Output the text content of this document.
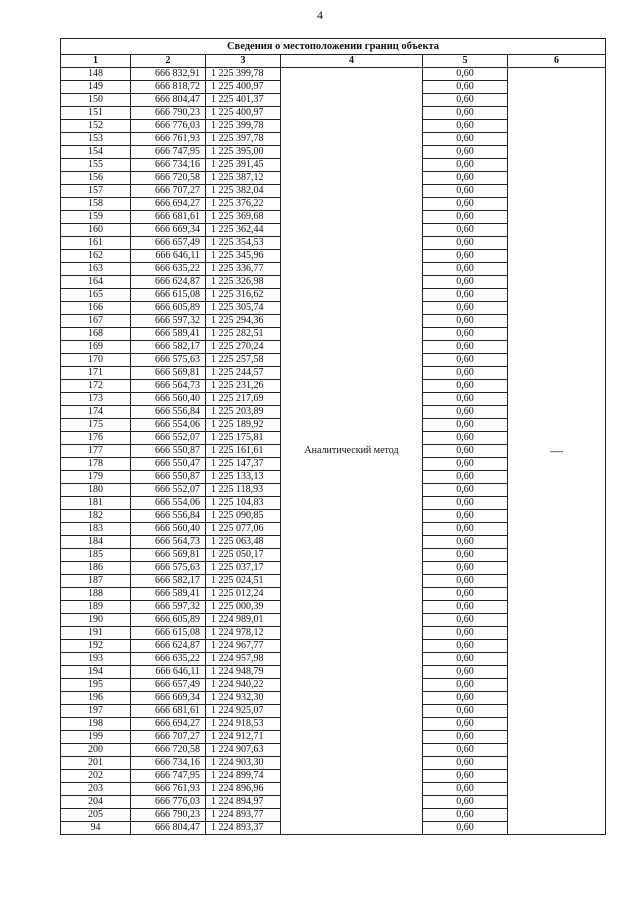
4
Сведения о местоположении границ объекта					
1	2	3	4	5	6
148	666 832,91	1 225 399,78	Аналитический метод	0,60	—
149	666 818,72	1 225 400,97		0,60	
150	666 804,47	1 225 401,37		0,60	
151	666 790,23	1 225 400,97		0,60	
152	666 776,03	1 225 399,78		0,60	
153	666 761,93	1 225 397,78		0,60	
154	666 747,95	1 225 395,00		0,60	
155	666 734,16	1 225 391,45		0,60	
156	666 720,58	1 225 387,12		0,60	
157	666 707,27	1 225 382,04		0,60	
158	666 694,27	1 225 376,22		0,60	
159	666 681,61	1 225 369,68		0,60	
160	666 669,34	1 225 362,44		0,60	
161	666 657,49	1 225 354,53		0,60	
162	666 646,11	1 225 345,96		0,60	
163	666 635,22	1 225 336,77		0,60	
164	666 624,87	1 225 326,98		0,60	
165	666 615,08	1 225 316,62		0,60	
166	666 605,89	1 225 305,74		0,60	
167	666 597,32	1 225 294,36		0,60	
168	666 589,41	1 225 282,51		0,60	
169	666 582,17	1 225 270,24		0,60	
170	666 575,63	1 225 257,58		0,60	
171	666 569,81	1 225 244,57		0,60	
172	666 564,73	1 225 231,26		0,60	
173	666 560,40	1 225 217,69		0,60	
174	666 556,84	1 225 203,89		0,60	
175	666 554,06	1 225 189,92		0,60	
176	666 552,07	1 225 175,81		0,60	
177	666 550,87	1 225 161,61		0,60	
178	666 550,47	1 225 147,37		0,60	
179	666 550,87	1 225 133,13		0,60	
180	666 552,07	1 225 118,93		0,60	
181	666 554,06	1 225 104,83		0,60	
182	666 556,84	1 225 090,85		0,60	
183	666 560,40	1 225 077,06		0,60	
184	666 564,73	1 225 063,48		0,60	
185	666 569,81	1 225 050,17		0,60	
186	666 575,63	1 225 037,17		0,60	
187	666 582,17	1 225 024,51		0,60	
188	666 589,41	1 225 012,24		0,60	
189	666 597,32	1 225 000,39		0,60	
190	666 605,89	1 224 989,01		0,60	
191	666 615,08	1 224 978,12		0,60	
192	666 624,87	1 224 967,77		0,60	
193	666 635,22	1 224 957,98		0,60	
194	666 646,11	1 224 948,79		0,60	
195	666 657,49	1 224 940,22		0,60	
196	666 669,34	1 224 932,30		0,60	
197	666 681,61	1 224 925,07		0,60	
198	666 694,27	1 224 918,53		0,60	
199	666 707,27	1 224 912,71		0,60	
200	666 720,58	1 224 907,63		0,60	
201	666 734,16	1 224 903,30		0,60	
202	666 747,95	1 224 899,74		0,60	
203	666 761,93	1 224 896,96		0,60	
204	666 776,03	1 224 894,97		0,60	
205	666 790,23	1 224 893,77		0,60	
94	666 804,47	1 224 893,37		0,60	
